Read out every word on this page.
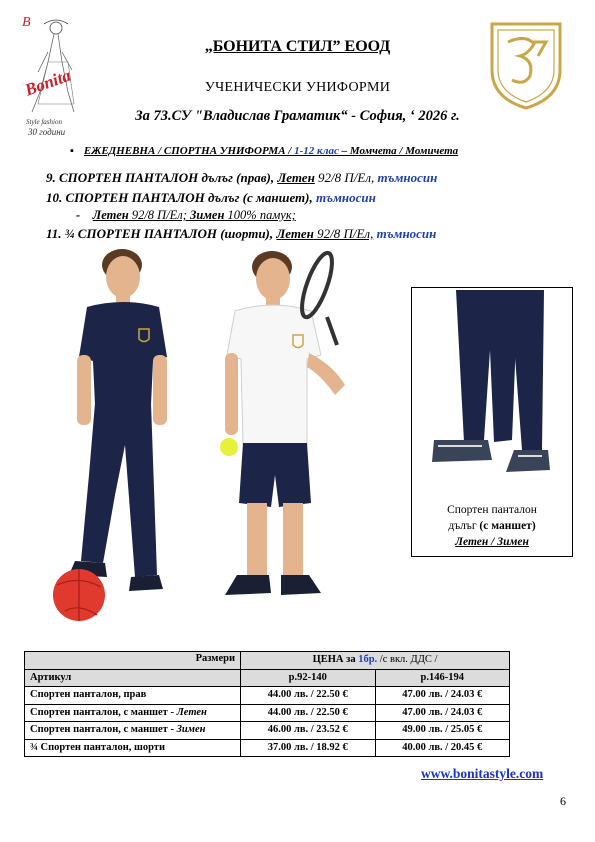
B
Bonita
Style fashion
30 години
„БОНИТА СТИЛ” ЕООД
УЧЕНИЧЕСКИ УНИФОРМИ
За 73.СУ "Владислав Граматик“ - София, ‘ 2026 г.
▪ ЕЖЕДНЕВНА / СПОРТНА УНИФОРМА / 1-12 клас – Момчета / Момичета
9. СПОРТЕН ПАНТАЛОН дълъг (прав), Летен 92/8 П/Ел, тъмносин
10. СПОРТЕН ПАНТАЛОН дълъг (с маншет), тъмносин
- Летен 92/8 П/Ел; Зимен 100% памук;
11. ¾ СПОРТЕН ПАНТАЛОН (шорти), Летен 92/8 П/Ел, тъмносин
Спортен панталон
дълъг (с маншет)
Летен / Зимен
Размери	ЦЕНА за 1бр. /с вкл. ДДС /	
Артикул	р.92-140	р.146-194
Спортен панталон, прав	44.00 лв. / 22.50 €	47.00 лв. / 24.03 €
Спортен панталон, с маншет - Летен	44.00 лв. / 22.50 €	47.00 лв. / 24.03 €
Спортен панталон, с маншет - Зимен	46.00 лв. / 23.52 €	49.00 лв. / 25.05 €
¾ Спортен панталон, шорти	37.00 лв. / 18.92 €	40.00 лв. / 20.45 €
www.bonitastyle.com
6
